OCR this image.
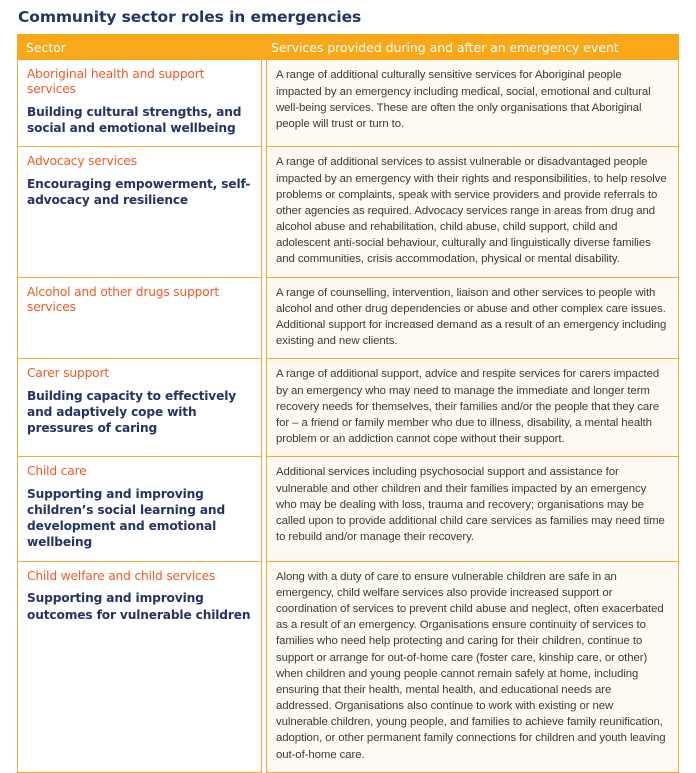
Community sector roles in emergencies
Sector	Services provided during and after an emergency event
Aboriginal health and support services
Building cultural strengths, and social and emotional wellbeing
A range of additional culturally sensitive services for Aboriginal people impacted by an emergency including medical, social, emotional and cultural well-being services. These are often the only organisations that Aboriginal people will trust or turn to.
Advocacy services
Encouraging empowerment, self-advocacy and resilience
A range of additional services to assist vulnerable or disadvantaged people impacted by an emergency with their rights and responsibilities, to help resolve problems or complaints, speak with service providers and provide referrals to other agencies as required. Advocacy services range in areas from drug and alcohol abuse and rehabilitation, child abuse, child support, child and adolescent anti-social behaviour, culturally and linguistically diverse families and communities, crisis accommodation, physical or mental disability.
Alcohol and other drugs support services
A range of counselling, intervention, liaison and other services to people with alcohol and other drug dependencies or abuse and other complex care issues. Additional support for increased demand as a result of an emergency including existing and new clients.
Carer support
Building capacity to effectively and adaptively cope with pressures of caring
A range of additional support, advice and respite services for carers impacted by an emergency who may need to manage the immediate and longer term recovery needs for themselves, their families and/or the people that they care for – a friend or family member who due to illness, disability, a mental health problem or an addiction cannot cope without their support.
Child care
Supporting and improving children’s social learning and development and emotional wellbeing
Additional services including psychosocial support and assistance for vulnerable and other children and their families impacted by an emergency who may be dealing with loss, trauma and recovery; organisations may be called upon to provide additional child care services as families may need time to rebuild and/or manage their recovery.
Child welfare and child services
Supporting and improving outcomes for vulnerable children
Along with a duty of care to ensure vulnerable children are safe in an emergency, child welfare services also provide increased support or coordination of services to prevent child abuse and neglect, often exacerbated as a result of an emergency. Organisations ensure continuity of services to families who need help protecting and caring for their children, continue to support or arrange for out-of-home care (foster care, kinship care, or other) when children and young people cannot remain safely at home, including ensuring that their health, mental health, and educational needs are addressed. Organisations also continue to work with existing or new vulnerable children, young people, and families to achieve family reunification, adoption, or other permanent family connections for children and youth leaving out-of-home care.
